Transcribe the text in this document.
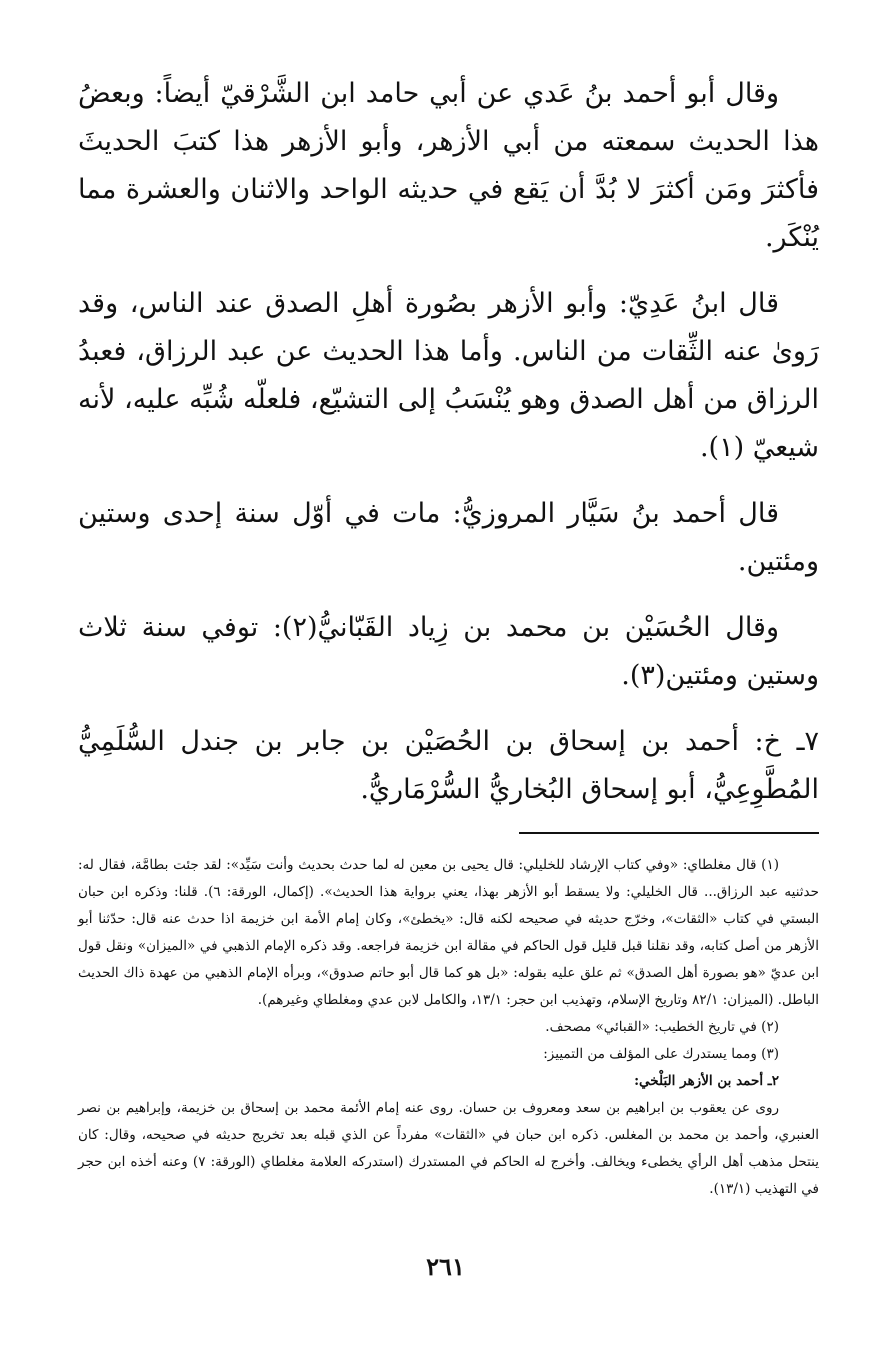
وقال أبو أحمد بنُ عَدي عن أبي حامد ابن الشَّرْقيّ أيضاً: وبعضُ هذا الحديث سمعته من أبي الأزهر، وأبو الأزهر هذا كتبَ الحديثَ فأكثرَ ومَن أكثرَ لا بُدَّ أن يَقع في حديثه الواحد والاثنان والعشرة مما يُنْكَر.

قال ابنُ عَدِيّ: وأبو الأزهر بصُورة أهلِ الصدق عند الناس، وقد رَوىٰ عنه الثِّقات من الناس. وأما هذا الحديث عن عبد الرزاق، فعبدُ الرزاق من أهل الصدق وهو يُنْسَبُ إلى التشيّع، فلعلّه شُبِّه عليه، لأنه شيعيّ (١).

قال أحمد بنُ سَيَّار المروزيُّ: مات في أوّل سنة إحدى وستين ومئتين.

وقال الحُسَيْن بن محمد بن زِياد القَبّانيُّ(٢): توفي سنة ثلاث وستين ومئتين(٣).

٧ـ خ: أحمد بن إسحاق بن الحُصَيْن بن جابر بن جندل السُّلَمِيُّ المُطَّوِعِيُّ، أبو إسحاق البُخاريُّ السُّرْمَاريُّ.

(١) قال مغلطاي: «وفي كتاب الإرشاد للخليلي: قال يحيى بن معين له لما حدث بحديث وأنت سَيِّد»: لقد جئت بطامَّة، فقال له: حدثنيه عبد الرزاق... قال الخليلي: ولا يسقط أبو الأزهر بهذا، يعني برواية هذا الحديث». (إكمال، الورقة: ٦). قلنا: وذكره ابن حبان البستي في كتاب «الثقات»، وخرّج حديثه في صحيحه لكنه قال: «يخطئ»، وكان إمام الأمة ابن خزيمة اذا حدث عنه قال: حدّثنا أبو الأزهر من أصل كتابه، وقد نقلنا قبل قليل قول الحاكم في مقالة ابن خزيمة فراجعه. وقد ذكره الإمام الذهبي في «الميزان» ونقل قول ابن عديّ «هو بصورة أهل الصدق» ثم علق عليه بقوله: «بل هو كما قال أبو حاتم صدوق»، وبرأه الإمام الذهبي من عهدة ذاك الحديث الباطل. (الميزان: ٨٢/١ وتاريخ الإسلام، وتهذيب ابن حجر: ١٣/١، والكامل لابن عدي ومغلطاي وغيرهم).

(٢) في تاريخ الخطيب: «القبائي» مصحف.

(٣) ومما يستدرك على المؤلف من التمييز:

٢ـ أحمد بن الأزهر البَلْخي:

روى عن يعقوب بن ابراهيم بن سعد ومعروف بن حسان. روى عنه إمام الأئمة محمد بن إسحاق بن خزيمة، وإبراهيم بن نصر العنبري، وأحمد بن محمد بن المغلس. ذكره ابن حبان في «الثقات» مفرداً عن الذي قبله بعد تخريج حديثه في صحيحه، وقال: كان ينتحل مذهب أهل الرأي يخطىء ويخالف. وأخرج له الحاكم في المستدرك (استدركه العلامة مغلطاي (الورقة: ٧) وعنه أخذه ابن حجر في التهذيب (١٣/١).

٢٦١
